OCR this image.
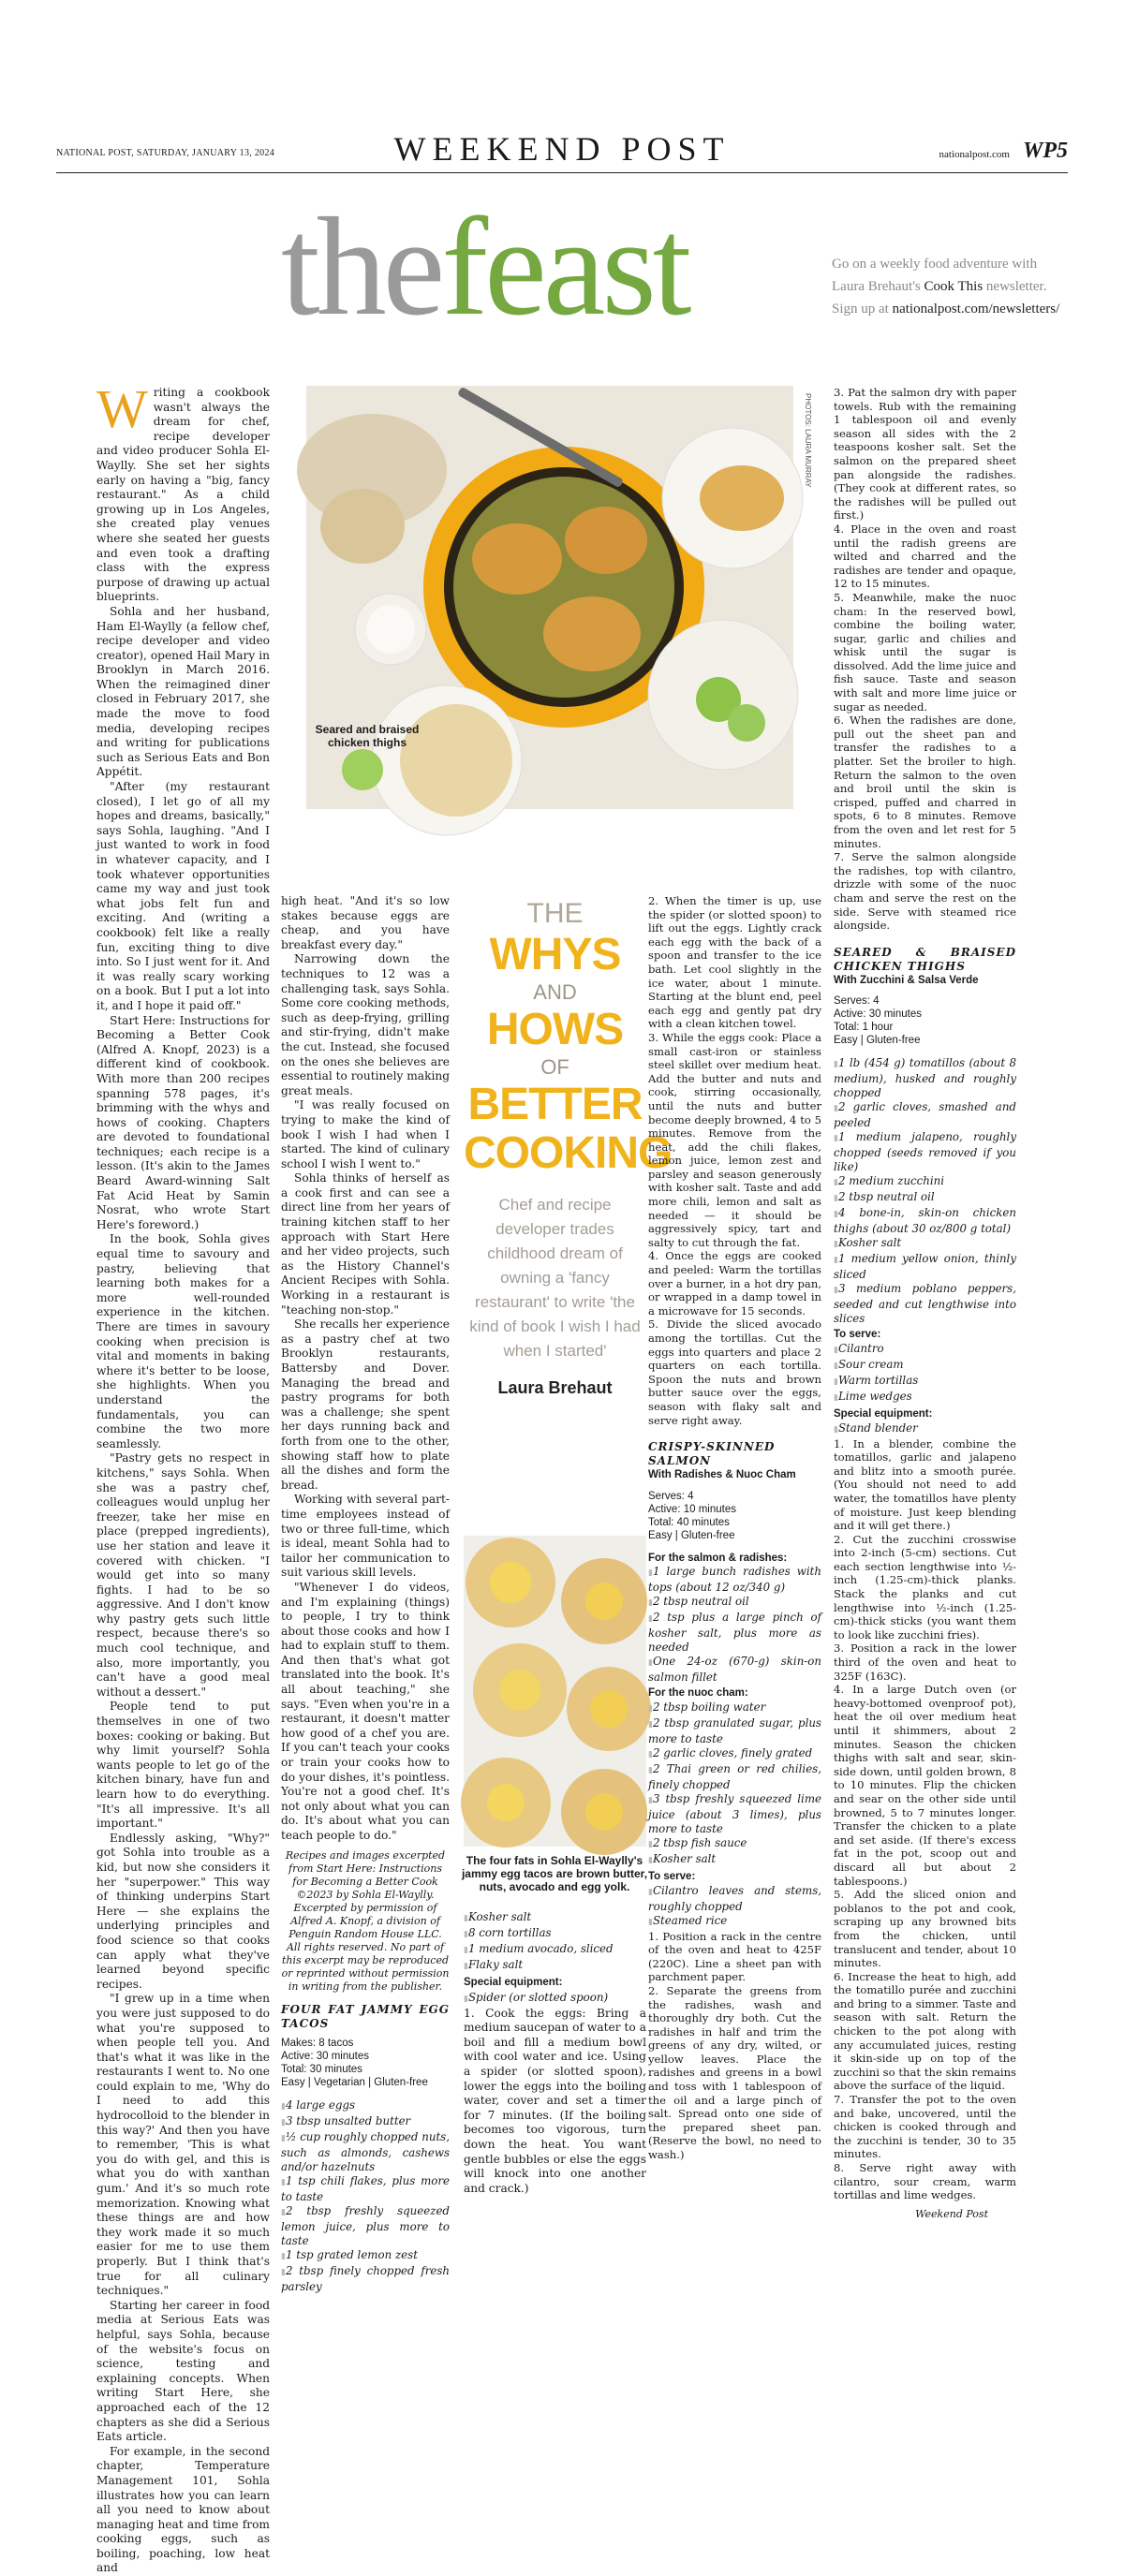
NATIONAL POST, SATURDAY, JANUARY 13, 2024	WEEKEND POST	nationalpost.com WP5
thefeast	Go on a weekly food adventure with Laura Brehaut's Cook This newsletter. Sign up at nationalpost.com/newsletters/

Writing a cookbook wasn't always the dream for chef, recipe developer and video producer Sohla El-Waylly. She set her sights early on having a "big, fancy restaurant." As a child growing up in Los Angeles, she created play venues where she seated her guests and even took a drafting class with the express purpose of drawing up actual blueprints.

Sohla and her husband, Ham El-Waylly (a fellow chef, recipe developer and video creator), opened Hail Mary in Brooklyn in March 2016. When the reimagined diner closed in February 2017, she made the move to food media, developing recipes and writing for publications such as Serious Eats and Bon Appétit.

"After (my restaurant closed), I let go of all my hopes and dreams, basically," says Sohla, laughing. "And I just wanted to work in food in whatever capacity, and I took whatever opportunities came my way and just took what jobs felt fun and exciting. And (writing a cookbook) felt like a really fun, exciting thing to dive into. So I just went for it. And it was really scary working on a book. But I put a lot into it, and I hope it paid off."

Start Here: Instructions for Becoming a Better Cook (Alfred A. Knopf, 2023) is a different kind of cookbook. With more than 200 recipes spanning 578 pages, it's brimming with the whys and hows of cooking. Chapters are devoted to foundational techniques; each recipe is a lesson. (It's akin to the James Beard Award-winning Salt Fat Acid Heat by Samin Nosrat, who wrote Start Here's foreword.)

In the book, Sohla gives equal time to savoury and pastry, believing that learning both makes for a more well-rounded experience in the kitchen. There are times in savoury cooking when precision is vital and moments in baking where it's better to be loose, she highlights. When you understand the fundamentals, you can combine the two more seamlessly.

"Pastry gets no respect in kitchens," says Sohla. When she was a pastry chef, colleagues would unplug her freezer, take her mise en place (prepped ingredients), use her station and leave it covered with chicken. "I would get into so many fights. I had to be so aggressive. And I don't know why pastry gets such little respect, because there's so much cool technique, and also, more importantly, you can't have a good meal without a dessert."

People tend to put themselves in one of two boxes: cooking or baking. But why limit yourself? Sohla wants people to let go of the kitchen binary, have fun and learn how to do everything. "It's all impressive. It's all important."

Endlessly asking, "Why?" got Sohla into trouble as a kid, but now she considers it her "superpower." This way of thinking underpins Start Here — she explains the underlying principles and food science so that cooks can apply what they've learned beyond specific recipes.

"I grew up in a time when you were just supposed to do what you're supposed to when people tell you. And that's what it was like in the restaurants I went to. No one could explain to me, 'Why do I need to add this hydrocolloid to the blender in this way?' And then you have to remember, 'This is what you do with gel, and this is what you do with xanthan gum.' And it's so much rote memorization. Knowing what these things are and how they work made it so much easier for me to use them properly. But I think that's true for all culinary techniques."

Starting her career in food media at Serious Eats was helpful, says Sohla, because of the website's focus on science, testing and explaining concepts. When writing Start Here, she approached each of the 12 chapters as she did a Serious Eats article.

For example, in the second chapter, Temperature Management 101, Sohla illustrates how you can learn all you need to know about managing heat and time from cooking eggs, such as boiling, poaching, low heat and

PHOTOS: LAURA MURRAY
Seared and braised chicken thighs

high heat. "And it's so low stakes because eggs are cheap, and you have breakfast every day."

Narrowing down the techniques to 12 was a challenging task, says Sohla. Some core cooking methods, such as deep-frying, grilling and stir-frying, didn't make the cut. Instead, she focused on the ones she believes are essential to routinely making great meals.

"I was really focused on trying to make the kind of book I wish I had when I started. The kind of culinary school I wish I went to."

Sohla thinks of herself as a cook first and can see a direct line from her years of training kitchen staff to her approach with Start Here and her video projects, such as the History Channel's Ancient Recipes with Sohla. Working in a restaurant is "teaching non-stop."

She recalls her experience as a pastry chef at two Brooklyn restaurants, Battersby and Dover. Managing the bread and pastry programs for both was a challenge; she spent her days running back and forth from one to the other, showing staff how to plate all the dishes and form the bread.

Working with several part-time employees instead of two or three full-time, which is ideal, meant Sohla had to tailor her communication to suit various skill levels.

"Whenever I do videos, and I'm explaining (things) to people, I try to think about those cooks and how I had to explain stuff to them. And then that's what got translated into the book. It's all about teaching," she says. "Even when you're in a restaurant, it doesn't matter how good of a chef you are. If you can't teach your cooks or train your cooks how to do your dishes, it's pointless. You're not a good chef. It's not only about what you can do. It's about what you can teach people to do."

Recipes and images excerpted from Start Here: Instructions for Becoming a Better Cook ©2023 by Sohla El-Waylly. Excerpted by permission of Alfred A. Knopf, a division of Penguin Random House LLC. All rights reserved. No part of this excerpt may be reproduced or reprinted without permission in writing from the publisher.
FOUR FAT JAMMY EGG TACOS
Makes: 8 tacos
Active: 30 minutes
Total: 30 minutes
Easy | Vegetarian | Gluten-free
▮ 4 large eggs
▮ 3 tbsp unsalted butter
▮ ½ cup roughly chopped nuts, such as almonds, cashews and/or hazelnuts
▮ 1 tsp chili flakes, plus more to taste
▮ 2 tbsp freshly squeezed lemon juice, plus more to taste
▮ 1 tsp grated lemon zest
▮ 2 tbsp finely chopped fresh parsley
THE
WHYS
AND
HOWS
OF
BETTER
COOKING
Chef and recipe developer trades childhood dream of owning a 'fancy restaurant' to write 'the kind of book I wish I had when I started'
Laura Brehaut
The four fats in Sohla El-Waylly's jammy egg tacos are brown butter, nuts, avocado and egg yolk.
▮ Kosher salt
▮ 8 corn tortillas
▮ 1 medium avocado, sliced
▮ Flaky salt
Special equipment:
▮ Spider (or slotted spoon)

1. Cook the eggs: Bring a medium saucepan of water to a boil and fill a medium bowl with cool water and ice. Using a spider (or slotted spoon), lower the eggs into the boiling water, cover and set a timer for 7 minutes. (If the boiling becomes too vigorous, turn down the heat. You want gentle bubbles or else the eggs will knock into one another and crack.)

2. When the timer is up, use the spider (or slotted spoon) to lift out the eggs. Lightly crack each egg with the back of a spoon and transfer to the ice bath. Let cool slightly in the ice water, about 1 minute. Starting at the blunt end, peel each egg and gently pat dry with a clean kitchen towel.

3. While the eggs cook: Place a small cast-iron or stainless steel skillet over medium heat. Add the butter and nuts and cook, stirring occasionally, until the nuts and butter become deeply browned, 4 to 5 minutes. Remove from the heat, add the chili flakes, lemon juice, lemon zest and parsley and season generously with kosher salt. Taste and add more chili, lemon and salt as needed — it should be aggressively spicy, tart and salty to cut through the fat.

4. Once the eggs are cooked and peeled: Warm the tortillas over a burner, in a hot dry pan, or wrapped in a damp towel in a microwave for 15 seconds.

5. Divide the sliced avocado among the tortillas. Cut the eggs into quarters and place 2 quarters on each tortilla. Spoon the nuts and brown butter sauce over the eggs, season with flaky salt and serve right away.

CRISPY-SKINNED SALMON
With Radishes & Nuoc Cham
Serves: 4
Active: 10 minutes
Total: 40 minutes
Easy | Gluten-free
For the salmon & radishes:
▮ 1 large bunch radishes with tops (about 12 oz/340 g)
▮ 2 tbsp neutral oil
▮ 2 tsp plus a large pinch of kosher salt, plus more as needed
▮ One 24-oz (670-g) skin-on salmon fillet
For the nuoc cham:
▮ 2 tbsp boiling water
▮ 2 tbsp granulated sugar, plus more to taste
▮ 2 garlic cloves, finely grated
▮ 2 Thai green or red chilies, finely chopped
▮ 3 tbsp freshly squeezed lime juice (about 3 limes), plus more to taste
▮ 2 tbsp fish sauce
▮ Kosher salt
To serve:
▮ Cilantro leaves and stems, roughly chopped
▮ Steamed rice

1. Position a rack in the centre of the oven and heat to 425F (220C). Line a sheet pan with parchment paper.

2. Separate the greens from the radishes, wash and thoroughly dry both. Cut the radishes in half and trim the greens of any dry, wilted, or yellow leaves. Place the radishes and greens in a bowl and toss with 1 tablespoon of the oil and a large pinch of salt. Spread onto one side of the prepared sheet pan. (Reserve the bowl, no need to wash.)

3. Pat the salmon dry with paper towels. Rub with the remaining 1 tablespoon oil and evenly season all sides with the 2 teaspoons kosher salt. Set the salmon on the prepared sheet pan alongside the radishes. (They cook at different rates, so the radishes will be pulled out first.)

4. Place in the oven and roast until the radish greens are wilted and charred and the radishes are tender and opaque, 12 to 15 minutes.

5. Meanwhile, make the nuoc cham: In the reserved bowl, combine the boiling water, sugar, garlic and chilies and whisk until the sugar is dissolved. Add the lime juice and fish sauce. Taste and season with salt and more lime juice or sugar as needed.

6. When the radishes are done, pull out the sheet pan and transfer the radishes to a platter. Set the broiler to high. Return the salmon to the oven and broil until the skin is crisped, puffed and charred in spots, 6 to 8 minutes. Remove from the oven and let rest for 5 minutes.

7. Serve the salmon alongside the radishes, top with cilantro, drizzle with some of the nuoc cham and serve the rest on the side. Serve with steamed rice alongside.

SEARED & BRAISED CHICKEN THIGHS
With Zucchini & Salsa Verde
Serves: 4
Active: 30 minutes
Total: 1 hour
Easy | Gluten-free
▮ 1 lb (454 g) tomatillos (about 8 medium), husked and roughly chopped
▮ 2 garlic cloves, smashed and peeled
▮ 1 medium jalapeno, roughly chopped (seeds removed if you like)
▮ 2 medium zucchini
▮ 2 tbsp neutral oil
▮ 4 bone-in, skin-on chicken thighs (about 30 oz/800 g total)
▮ Kosher salt
▮ 1 medium yellow onion, thinly sliced
▮ 3 medium poblano peppers, seeded and cut lengthwise into slices
To serve:
▮ Cilantro
▮ Sour cream
▮ Warm tortillas
▮ Lime wedges
Special equipment:
▮ Stand blender

1. In a blender, combine the tomatillos, garlic and jalapeno and blitz into a smooth purée. (You should not need to add water, the tomatillos have plenty of moisture. Just keep blending and it will get there.)

2. Cut the zucchini crosswise into 2-inch (5-cm) sections. Cut each section lengthwise into ½-inch (1.25-cm)-thick planks. Stack the planks and cut lengthwise into ½-inch (1.25-cm)-thick sticks (you want them to look like zucchini fries).

3. Position a rack in the lower third of the oven and heat to 325F (163C).

4. In a large Dutch oven (or heavy-bottomed ovenproof pot), heat the oil over medium heat until it shimmers, about 2 minutes. Season the chicken thighs with salt and sear, skin-side down, until golden brown, 8 to 10 minutes. Flip the chicken and sear on the other side until browned, 5 to 7 minutes longer. Transfer the chicken to a plate and set aside. (If there's excess fat in the pot, scoop out and discard all but about 2 tablespoons.)

5. Add the sliced onion and poblanos to the pot and cook, scraping up any browned bits from the chicken, until translucent and tender, about 10 minutes.

6. Increase the heat to high, add the tomatillo purée and zucchini and bring to a simmer. Taste and season with salt. Return the chicken to the pot along with any accumulated juices, resting it skin-side up on top of the zucchini so that the skin remains above the surface of the liquid.

7. Transfer the pot to the oven and bake, uncovered, until the chicken is cooked through and the zucchini is tender, 30 to 35 minutes.

8. Serve right away with cilantro, sour cream, warm tortillas and lime wedges.

Weekend Post
